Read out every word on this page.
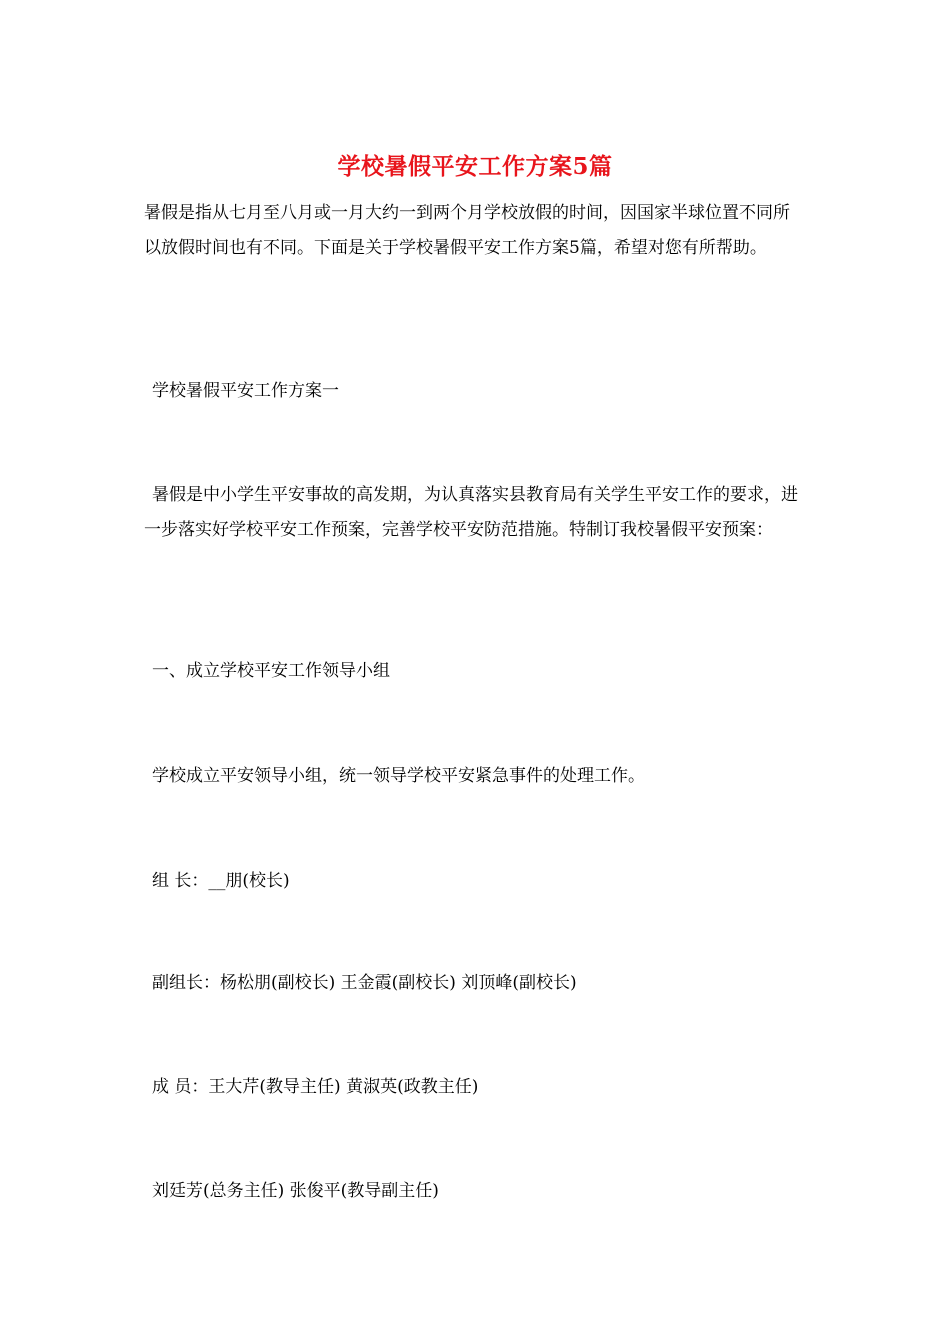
学校暑假平安工作方案5篇

暑假是指从七月至八月或一月大约一到两个月学校放假的时间，因国家半球位置不同所以放假时间也有不同。下面是关于学校暑假平安工作方案5篇，希望对您有所帮助。

学校暑假平安工作方案一

暑假是中小学生平安事故的高发期，为认真落实县教育局有关学生平安工作的要求，进一步落实好学校平安工作预案，完善学校平安防范措施。特制订我校暑假平安预案：

一、成立学校平安工作领导小组

学校成立平安领导小组，统一领导学校平安紧急事件的处理工作。

组 长：__朋(校长)

副组长：杨松朋(副校长) 王金霞(副校长) 刘顶峰(副校长)

成 员：王大芹(教导主任) 黄淑英(政教主任)

刘廷芳(总务主任) 张俊平(教导副主任)
